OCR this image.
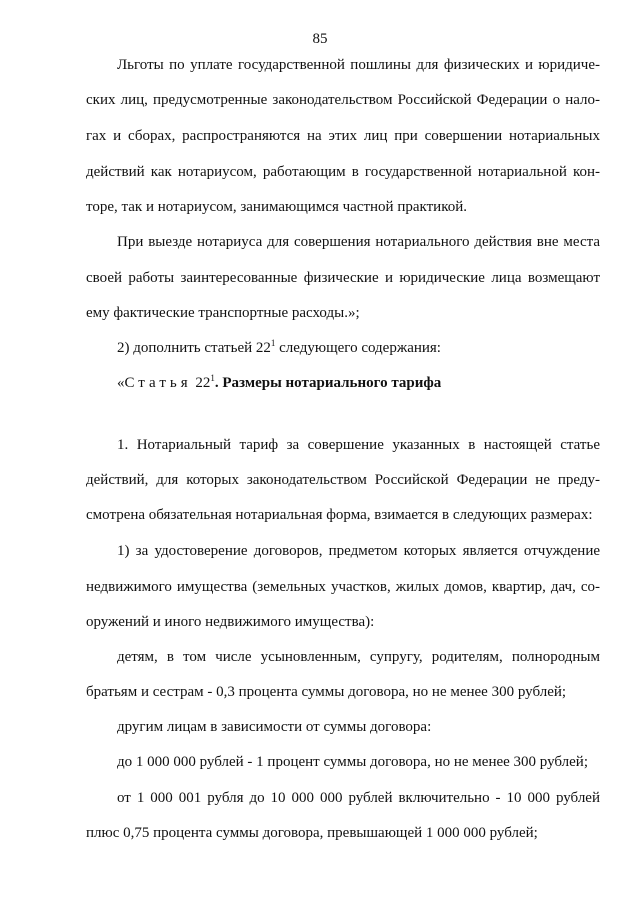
85
Льготы по уплате государственной пошлины для физических и юридиче-
ских лиц, предусмотренные законодательством Российской Федерации о нало-
гах и сборах, распространяются на этих лиц при совершении нотариальных
действий как нотариусом, работающим в государственной нотариальной кон-
торе, так и нотариусом, занимающимся частной практикой.
При выезде нотариуса для совершения нотариального действия вне места
своей работы заинтересованные физические и юридические лица возмещают
ему фактические транспортные расходы.»;
2) дополнить статьей $22^1$ следующего содержания:
«Статья $22^1$. Размеры нотариального тарифа
1. Нотариальный тариф за совершение указанных в настоящей статье
действий, для которых законодательством Российской Федерации не преду-
смотрена обязательная нотариальная форма, взимается в следующих размерах:
1) за удостоверение договоров, предметом которых является отчуждение
недвижимого имущества (земельных участков, жилых домов, квартир, дач, со-
оружений и иного недвижимого имущества):
детям, в том числе усыновленным, супругу, родителям, полнородным
братьям и сестрам - 0,3 процента суммы договора, но не менее 300 рублей;
другим лицам в зависимости от суммы договора:
до 1 000 000 рублей - 1 процент суммы договора, но не менее 300 рублей;
от 1 000 001 рубля до 10 000 000 рублей включительно - 10 000 рублей
плюс 0,75 процента суммы договора, превышающей 1 000 000 рублей;
